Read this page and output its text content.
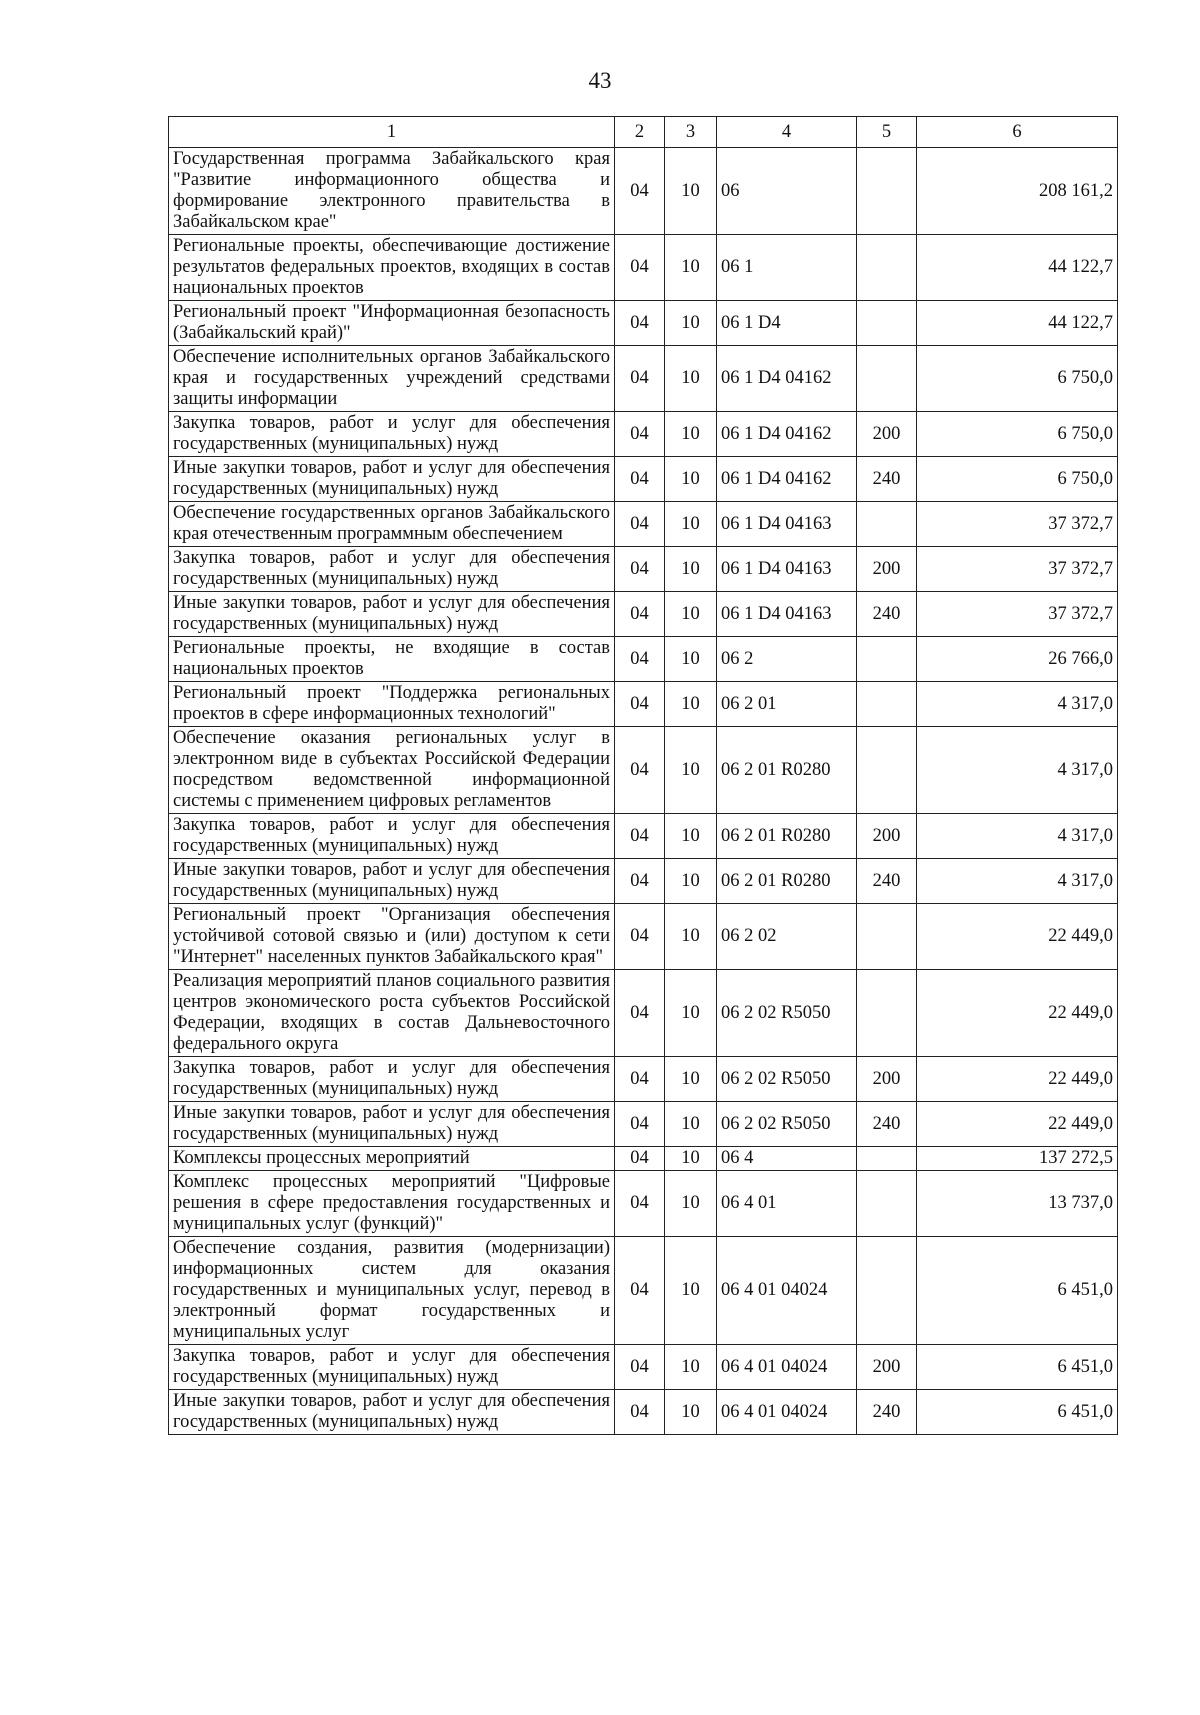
43
1	2	3	4	5	6
Государственная программа Забайкальского края "Развитие информационного общества и формирование электронного правительства в Забайкальском крае"	04	10	06		208 161,2
Региональные проекты, обеспечивающие достижение результатов федеральных проектов, входящих в состав национальных проектов	04	10	06 1		44 122,7
Региональный проект "Информационная безопасность (Забайкальский край)"	04	10	06 1 D4		44 122,7
Обеспечение исполнительных органов Забайкальского края и государственных учреждений средствами защиты информации	04	10	06 1 D4 04162		6 750,0
Закупка товаров, работ и услуг для обеспечения государственных (муниципальных) нужд	04	10	06 1 D4 04162	200	6 750,0
Иные закупки товаров, работ и услуг для обеспечения государственных (муниципальных) нужд	04	10	06 1 D4 04162	240	6 750,0
Обеспечение государственных органов Забайкальского края отечественным программным обеспечением	04	10	06 1 D4 04163		37 372,7
Закупка товаров, работ и услуг для обеспечения государственных (муниципальных) нужд	04	10	06 1 D4 04163	200	37 372,7
Иные закупки товаров, работ и услуг для обеспечения государственных (муниципальных) нужд	04	10	06 1 D4 04163	240	37 372,7
Региональные проекты, не входящие в состав национальных проектов	04	10	06 2		26 766,0
Региональный проект "Поддержка региональных проектов в сфере информационных технологий"	04	10	06 2 01		4 317,0
Обеспечение оказания региональных услуг в электронном виде в субъектах Российской Федерации посредством ведомственной информационной системы с применением цифровых регламентов	04	10	06 2 01 R0280		4 317,0
Закупка товаров, работ и услуг для обеспечения государственных (муниципальных) нужд	04	10	06 2 01 R0280	200	4 317,0
Иные закупки товаров, работ и услуг для обеспечения государственных (муниципальных) нужд	04	10	06 2 01 R0280	240	4 317,0
Региональный проект "Организация обеспечения устойчивой сотовой связью и (или) доступом к сети "Интернет" населенных пунктов Забайкальского края"	04	10	06 2 02		22 449,0
Реализация мероприятий планов социального развития центров экономического роста субъектов Российской Федерации, входящих в состав Дальневосточного федерального округа	04	10	06 2 02 R5050		22 449,0
Закупка товаров, работ и услуг для обеспечения государственных (муниципальных) нужд	04	10	06 2 02 R5050	200	22 449,0
Иные закупки товаров, работ и услуг для обеспечения государственных (муниципальных) нужд	04	10	06 2 02 R5050	240	22 449,0
Комплексы процессных мероприятий	04	10	06 4		137 272,5
Комплекс процессных мероприятий "Цифровые решения в сфере предоставления государственных и муниципальных услуг (функций)"	04	10	06 4 01		13 737,0
Обеспечение создания, развития (модернизации) информационных систем для оказания государственных и муниципальных услуг, перевод в электронный формат государственных и муниципальных услуг	04	10	06 4 01 04024		6 451,0
Закупка товаров, работ и услуг для обеспечения государственных (муниципальных) нужд	04	10	06 4 01 04024	200	6 451,0
Иные закупки товаров, работ и услуг для обеспечения государственных (муниципальных) нужд	04	10	06 4 01 04024	240	6 451,0
